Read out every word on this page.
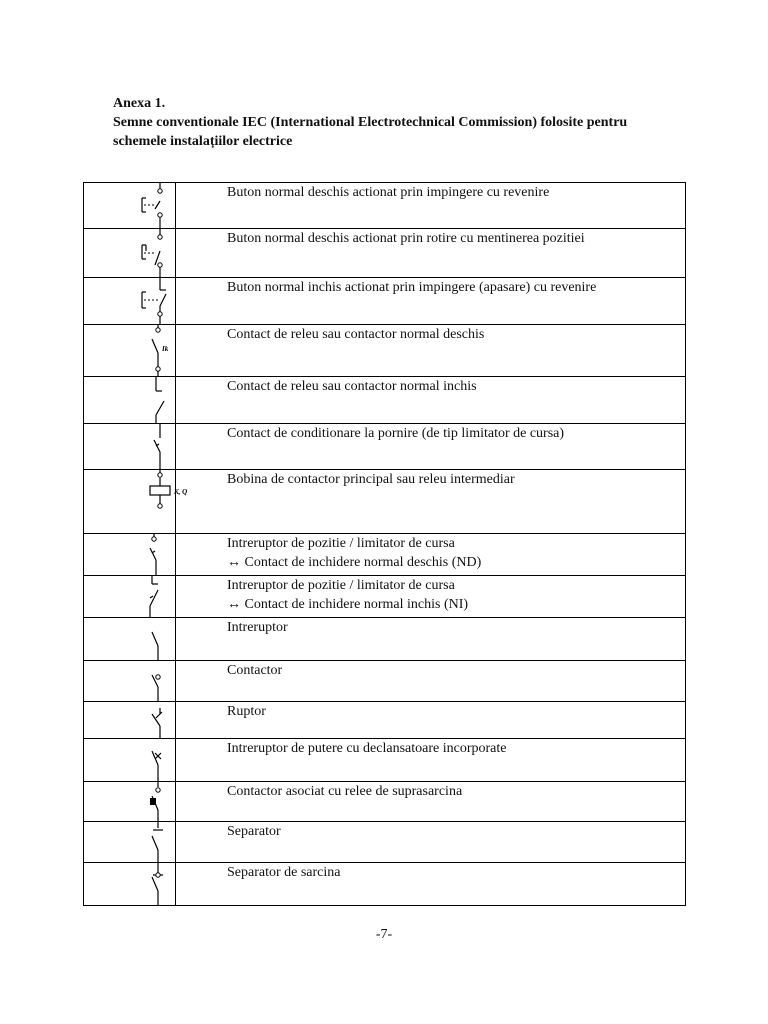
Anexa 1.
Semne conventionale IEC (International Electrotechnical Commission) folosite pentru
schemele instalațiilor electrice

Buton normal deschis actionat prin impingere cu revenire

Buton normal deschis actionat prin rotire cu mentinerea pozitiei

Buton normal inchis actionat prin impingere (apasare) cu revenire

Ik	Contact de releu sau contactor normal deschis

Contact de releu sau contactor normal inchis

Contact de conditionare la pornire (de tip limitator de cursa)

K, Q	Bobina de contactor principal sau releu intermediar

Intreruptor de pozitie / limitator de cursa
↔ Contact de inchidere normal deschis (ND)

Intreruptor de pozitie / limitator de cursa
↔ Contact de inchidere normal inchis (NI)

Intreruptor

Contactor

Ruptor

Intreruptor de putere cu declansatoare incorporate

Contactor asociat cu relee de suprasarcina

Separator

Separator de sarcina
-7-
